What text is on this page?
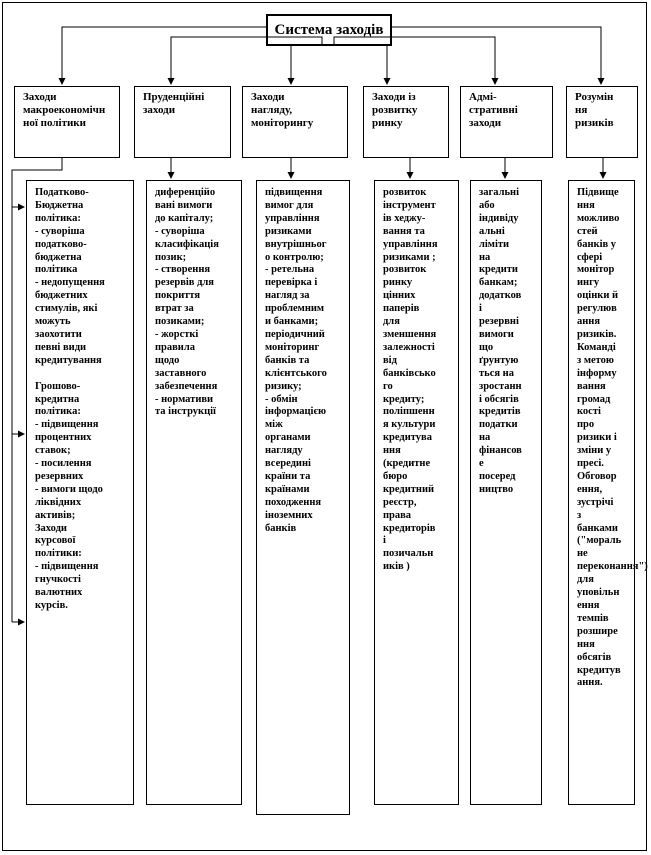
Система заходів
Заходи
макроекономічн
ної політики
Пруденційні
заходи
Заходи
нагляду,
моніторингу
Заходи із
розвитку
ринку
Адмі-
стративні
заходи
Розумін
ня
ризиків
Податково-
Бюджетна
політика:
- суворіша
податково-
бюджетна
політика
- недопущення
бюджетних
стимулів, які
можуть
заохотити
певні види
кредитування

Грошово-
кредитна
політика:
- підвищення
процентних
ставок;
- посилення
резервних
- вимоги щодо
ліквідних
активів;
Заходи
курсової
політики:
- підвищення
гнучкості
валютних
курсів.
диференційо
вані вимоги
до капіталу;
- суворіша
класифікація
позик;
- створення
резервів для
покриття
втрат за
позиками;
- жорсткі
правила
щодо
заставного
забезпечення
- нормативи
та інструкції
підвищення
вимог для
управління
ризиками
внутрішньог
о контролю;
- ретельна
перевірка і
нагляд за
проблемним
и банками;
періодичний
моніторинг
банків та
клієнтського
ризику;
- обмін
інформацією
між
органами
нагляду
всередині
країни та
країнами
походження
іноземних
банків
розвиток
інструмент
ів хеджу-
вання та
управління
ризиками ;
розвиток
ринку
цінних
паперів
для
зменшення
залежності
від
банківсько
го
кредиту;
поліпшенн
я культури
кредитува
ння
(кредитне
бюро
кредитний
реєстр,
права
кредиторів
і
позичальн
иків )
загальні
або
індивіду
альні
ліміти
на
кредити
банкам;
додатков
і
резервні
вимоги
що
ґрунтую
ться на
зростанн
і обсягів
кредитів
податки
на
фінансов
е
посеред
ництво
Підвище
ння
можливо
стей
банків у
сфері
монітор
ингу
оцінки й
регулюв
ання
ризиків.
Команді
з метою
інформу
вання
громад
кості
про
ризики і
зміни у
пресі.
Обговор
ення,
зустрічі
з
банками
("мораль
не
переконання")
для
уповільн
ення
темпів
розшире
ння
обсягів
кредитув
ання.
